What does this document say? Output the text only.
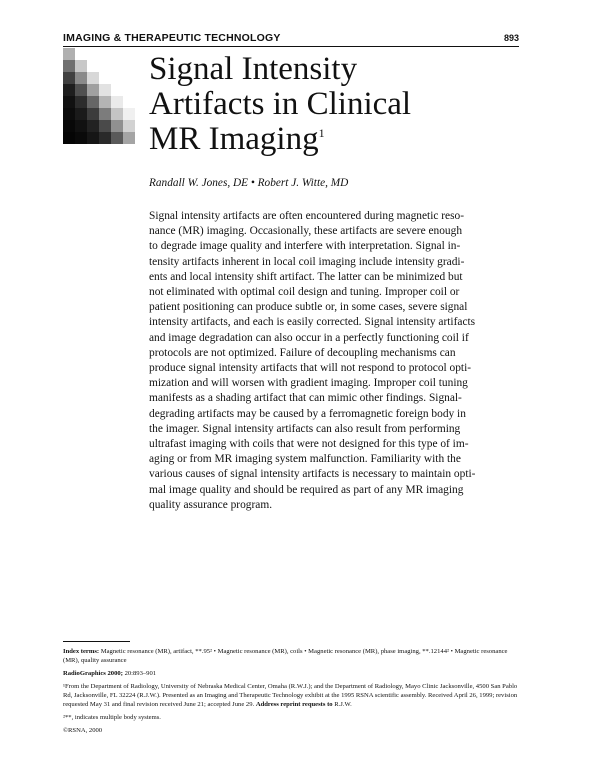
IMAGING & THERAPEUTIC TECHNOLOGY	893
Signal Intensity
Artifacts in Clinical
MR Imaging$^1$
Randall W. Jones, DE • Robert J. Witte, MD
Signal intensity artifacts are often encountered during magnetic reso-
nance (MR) imaging. Occasionally, these artifacts are severe enough
to degrade image quality and interfere with interpretation. Signal in-
tensity artifacts inherent in local coil imaging include intensity gradi-
ents and local intensity shift artifact. The latter can be minimized but
not eliminated with optimal coil design and tuning. Improper coil or
patient positioning can produce subtle or, in some cases, severe signal
intensity artifacts, and each is easily corrected. Signal intensity artifacts
and image degradation can also occur in a perfectly functioning coil if
protocols are not optimized. Failure of decoupling mechanisms can
produce signal intensity artifacts that will not respond to protocol opti-
mization and will worsen with gradient imaging. Improper coil tuning
manifests as a shading artifact that can mimic other findings. Signal-
degrading artifacts may be caused by a ferromagnetic foreign body in
the imager. Signal intensity artifacts can also result from performing
ultrafast imaging with coils that were not designed for this type of im-
aging or from MR imaging system malfunction. Familiarity with the
various causes of signal intensity artifacts is necessary to maintain opti-
mal image quality and should be required as part of any MR imaging
quality assurance program.

Index terms: Magnetic resonance (MR), artifact, **.95² • Magnetic resonance (MR), coils • Magnetic resonance (MR), phase imaging, **.12144² • Magnetic resonance (MR), quality assurance

RadioGraphics 2000; 20:893–901

¹From the Department of Radiology, University of Nebraska Medical Center, Omaha (R.W.J.); and the Department of Radiology, Mayo Clinic Jacksonville, 4500 San Pablo Rd, Jacksonville, FL 32224 (R.J.W.). Presented as an Imaging and Therapeutic Technology exhibit at the 1995 RSNA scientific assembly. Received April 26, 1999; revision requested May 31 and final revision received June 21; accepted June 29. Address reprint requests to R.J.W.

²**, indicates multiple body systems.

©RSNA, 2000
